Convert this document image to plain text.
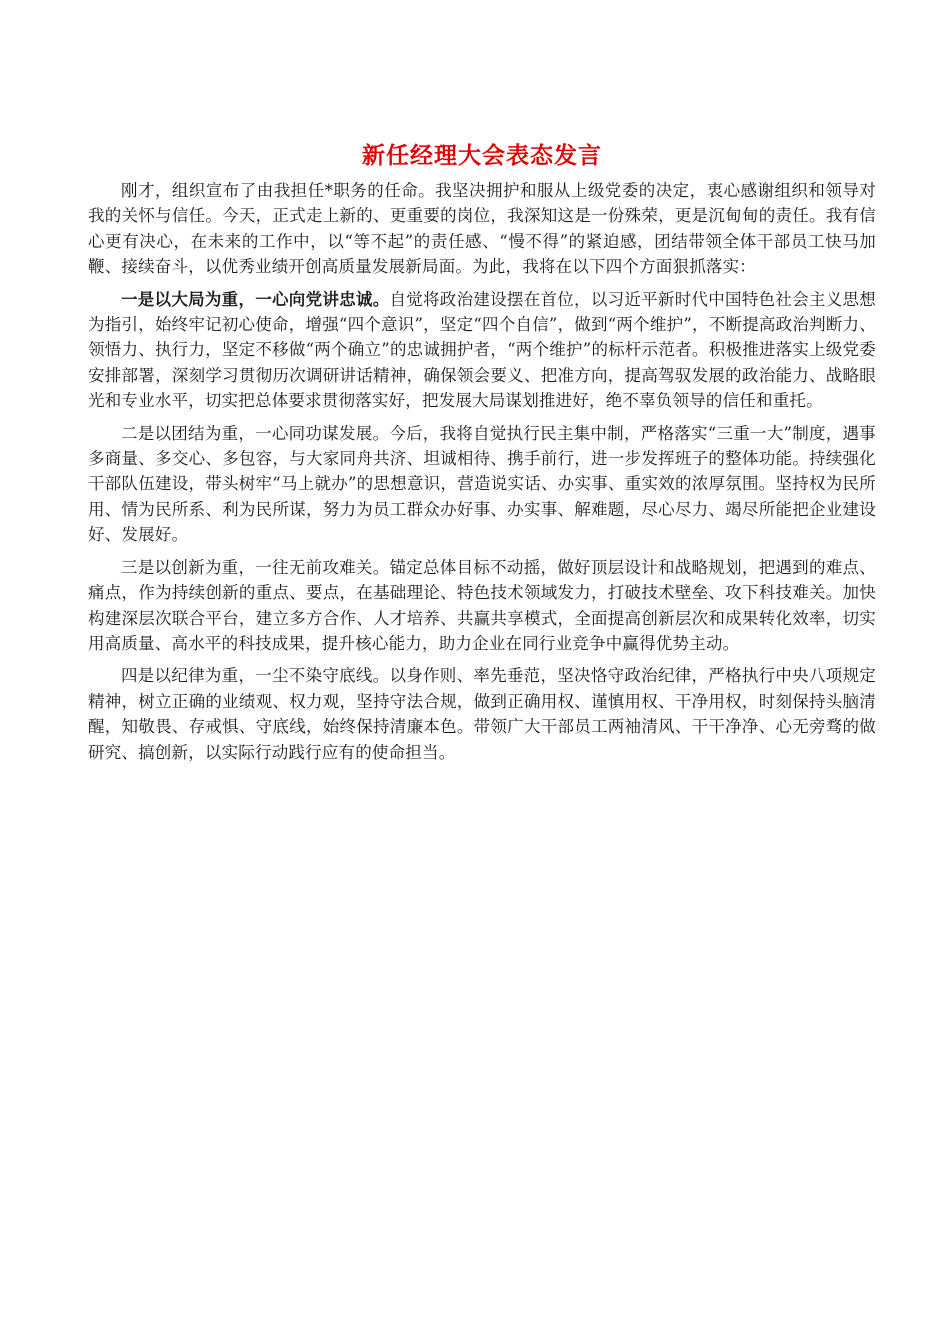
新任经理大会表态发言

刚才，组织宣布了由我担任*职务的任命。我坚决拥护和服从上级党委的决定，衷心感谢组织和领导对我的关怀与信任。今天，正式走上新的、更重要的岗位，我深知这是一份殊荣，更是沉甸甸的责任。我有信心更有决心，在未来的工作中，以“等不起”的责任感、“慢不得”的紧迫感，团结带领全体干部员工快马加鞭、接续奋斗，以优秀业绩开创高质量发展新局面。为此，我将在以下四个方面狠抓落实：

一是以大局为重，一心向党讲忠诚。自觉将政治建设摆在首位，以习近平新时代中国特色社会主义思想为指引，始终牢记初心使命，增强“四个意识”，坚定“四个自信”，做到“两个维护”，不断提高政治判断力、领悟力、执行力，坚定不移做“两个确立”的忠诚拥护者，“两个维护”的标杆示范者。积极推进落实上级党委安排部署，深刻学习贯彻历次调研讲话精神，确保领会要义、把准方向，提高驾驭发展的政治能力、战略眼光和专业水平，切实把总体要求贯彻落实好，把发展大局谋划推进好，绝不辜负领导的信任和重托。

二是以团结为重，一心同功谋发展。今后，我将自觉执行民主集中制，严格落实“三重一大”制度，遇事多商量、多交心、多包容，与大家同舟共济、坦诚相待、携手前行，进一步发挥班子的整体功能。持续强化干部队伍建设，带头树牢“马上就办”的思想意识，营造说实话、办实事、重实效的浓厚氛围。坚持权为民所用、情为民所系、利为民所谋，努力为员工群众办好事、办实事、解难题，尽心尽力、竭尽所能把企业建设好、发展好。

三是以创新为重，一往无前攻难关。锚定总体目标不动摇，做好顶层设计和战略规划，把遇到的难点、痛点，作为持续创新的重点、要点，在基础理论、特色技术领域发力，打破技术壁垒、攻下科技难关。加快构建深层次联合平台，建立多方合作、人才培养、共赢共享模式，全面提高创新层次和成果转化效率，切实用高质量、高水平的科技成果，提升核心能力，助力企业在同行业竞争中赢得优势主动。

四是以纪律为重，一尘不染守底线。以身作则、率先垂范，坚决恪守政治纪律，严格执行中央八项规定精神，树立正确的业绩观、权力观，坚持守法合规，做到正确用权、谨慎用权、干净用权，时刻保持头脑清醒，知敬畏、存戒惧、守底线，始终保持清廉本色。带领广大干部员工两袖清风、干干净净、心无旁骛的做研究、搞创新，以实际行动践行应有的使命担当。
